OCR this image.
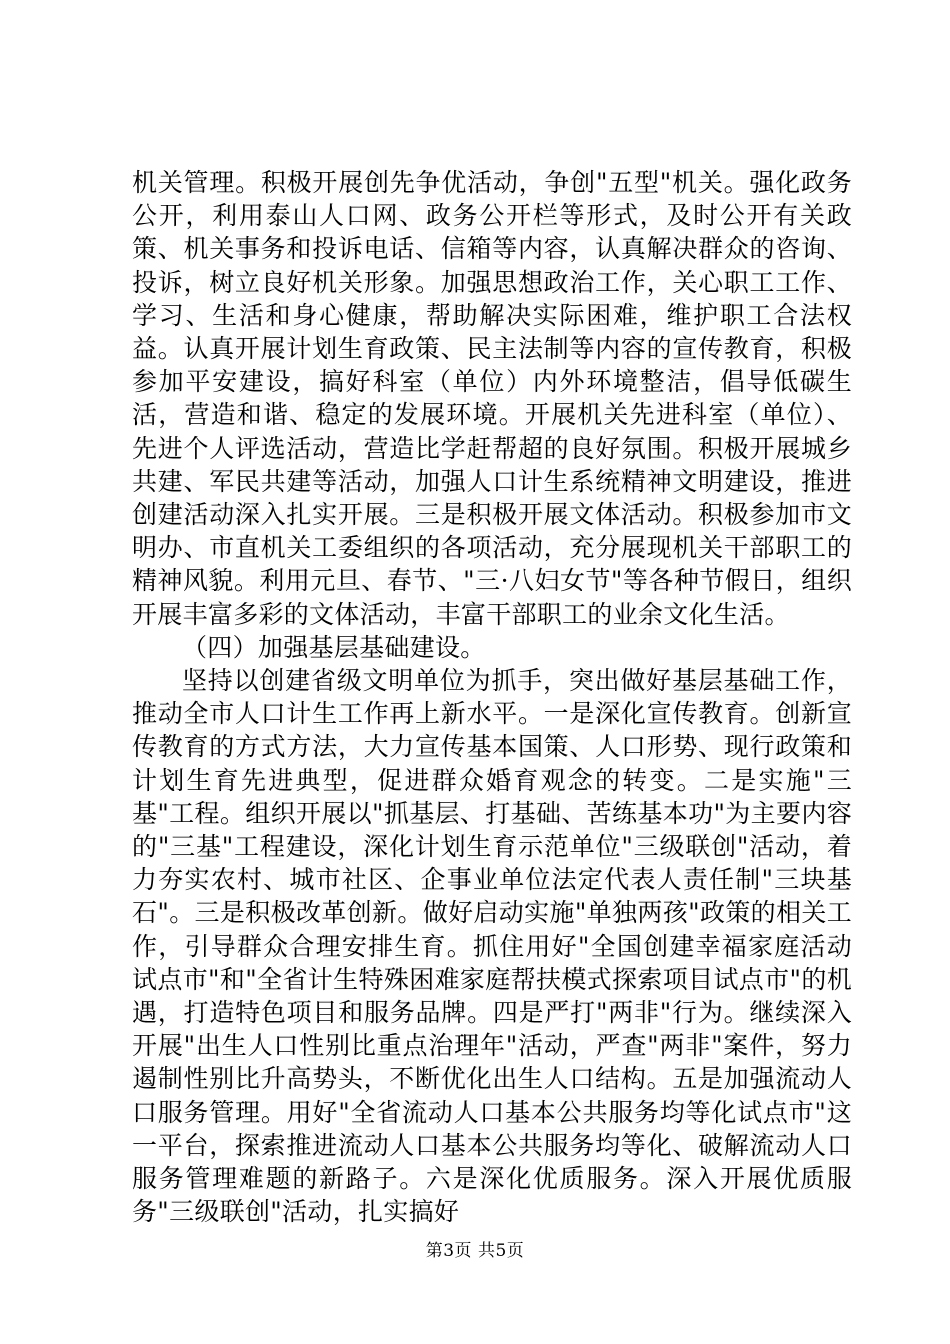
机关管理。积极开展创先争优活动，争创"五型"机关。强化政务公开，利用泰山人口网、政务公开栏等形式，及时公开有关政策、机关事务和投诉电话、信箱等内容，认真解决群众的咨询、投诉，树立良好机关形象。加强思想政治工作，关心职工工作、学习、生活和身心健康，帮助解决实际困难，维护职工合法权益。认真开展计划生育政策、民主法制等内容的宣传教育，积极参加平安建设，搞好科室（单位）内外环境整洁，倡导低碳生活，营造和谐、稳定的发展环境。开展机关先进科室（单位）、先进个人评选活动，营造比学赶帮超的良好氛围。积极开展城乡共建、军民共建等活动，加强人口计生系统精神文明建设，推进创建活动深入扎实开展。三是积极开展文体活动。积极参加市文明办、市直机关工委组织的各项活动，充分展现机关干部职工的精神风貌。利用元旦、春节、"三·八妇女节"等各种节假日，组织开展丰富多彩的文体活动，丰富干部职工的业余文化生活。

（四）加强基层基础建设。

坚持以创建省级文明单位为抓手，突出做好基层基础工作，推动全市人口计生工作再上新水平。一是深化宣传教育。创新宣传教育的方式方法，大力宣传基本国策、人口形势、现行政策和计划生育先进典型，促进群众婚育观念的转变。二是实施"三基"工程。组织开展以"抓基层、打基础、苦练基本功"为主要内容的"三基"工程建设，深化计划生育示范单位"三级联创"活动，着力夯实农村、城市社区、企事业单位法定代表人责任制"三块基石"。三是积极改革创新。做好启动实施"单独两孩"政策的相关工作，引导群众合理安排生育。抓住用好"全国创建幸福家庭活动试点市"和"全省计生特殊困难家庭帮扶模式探索项目试点市"的机遇，打造特色项目和服务品牌。四是严打"两非"行为。继续深入开展"出生人口性别比重点治理年"活动，严查"两非"案件，努力遏制性别比升高势头，不断优化出生人口结构。五是加强流动人口服务管理。用好"全省流动人口基本公共服务均等化试点市"这一平台，探索推进流动人口基本公共服务均等化、破解流动人口服务管理难题的新路子。六是深化优质服务。深入开展优质服务"三级联创"活动，扎实搞好

第3页 共5页
